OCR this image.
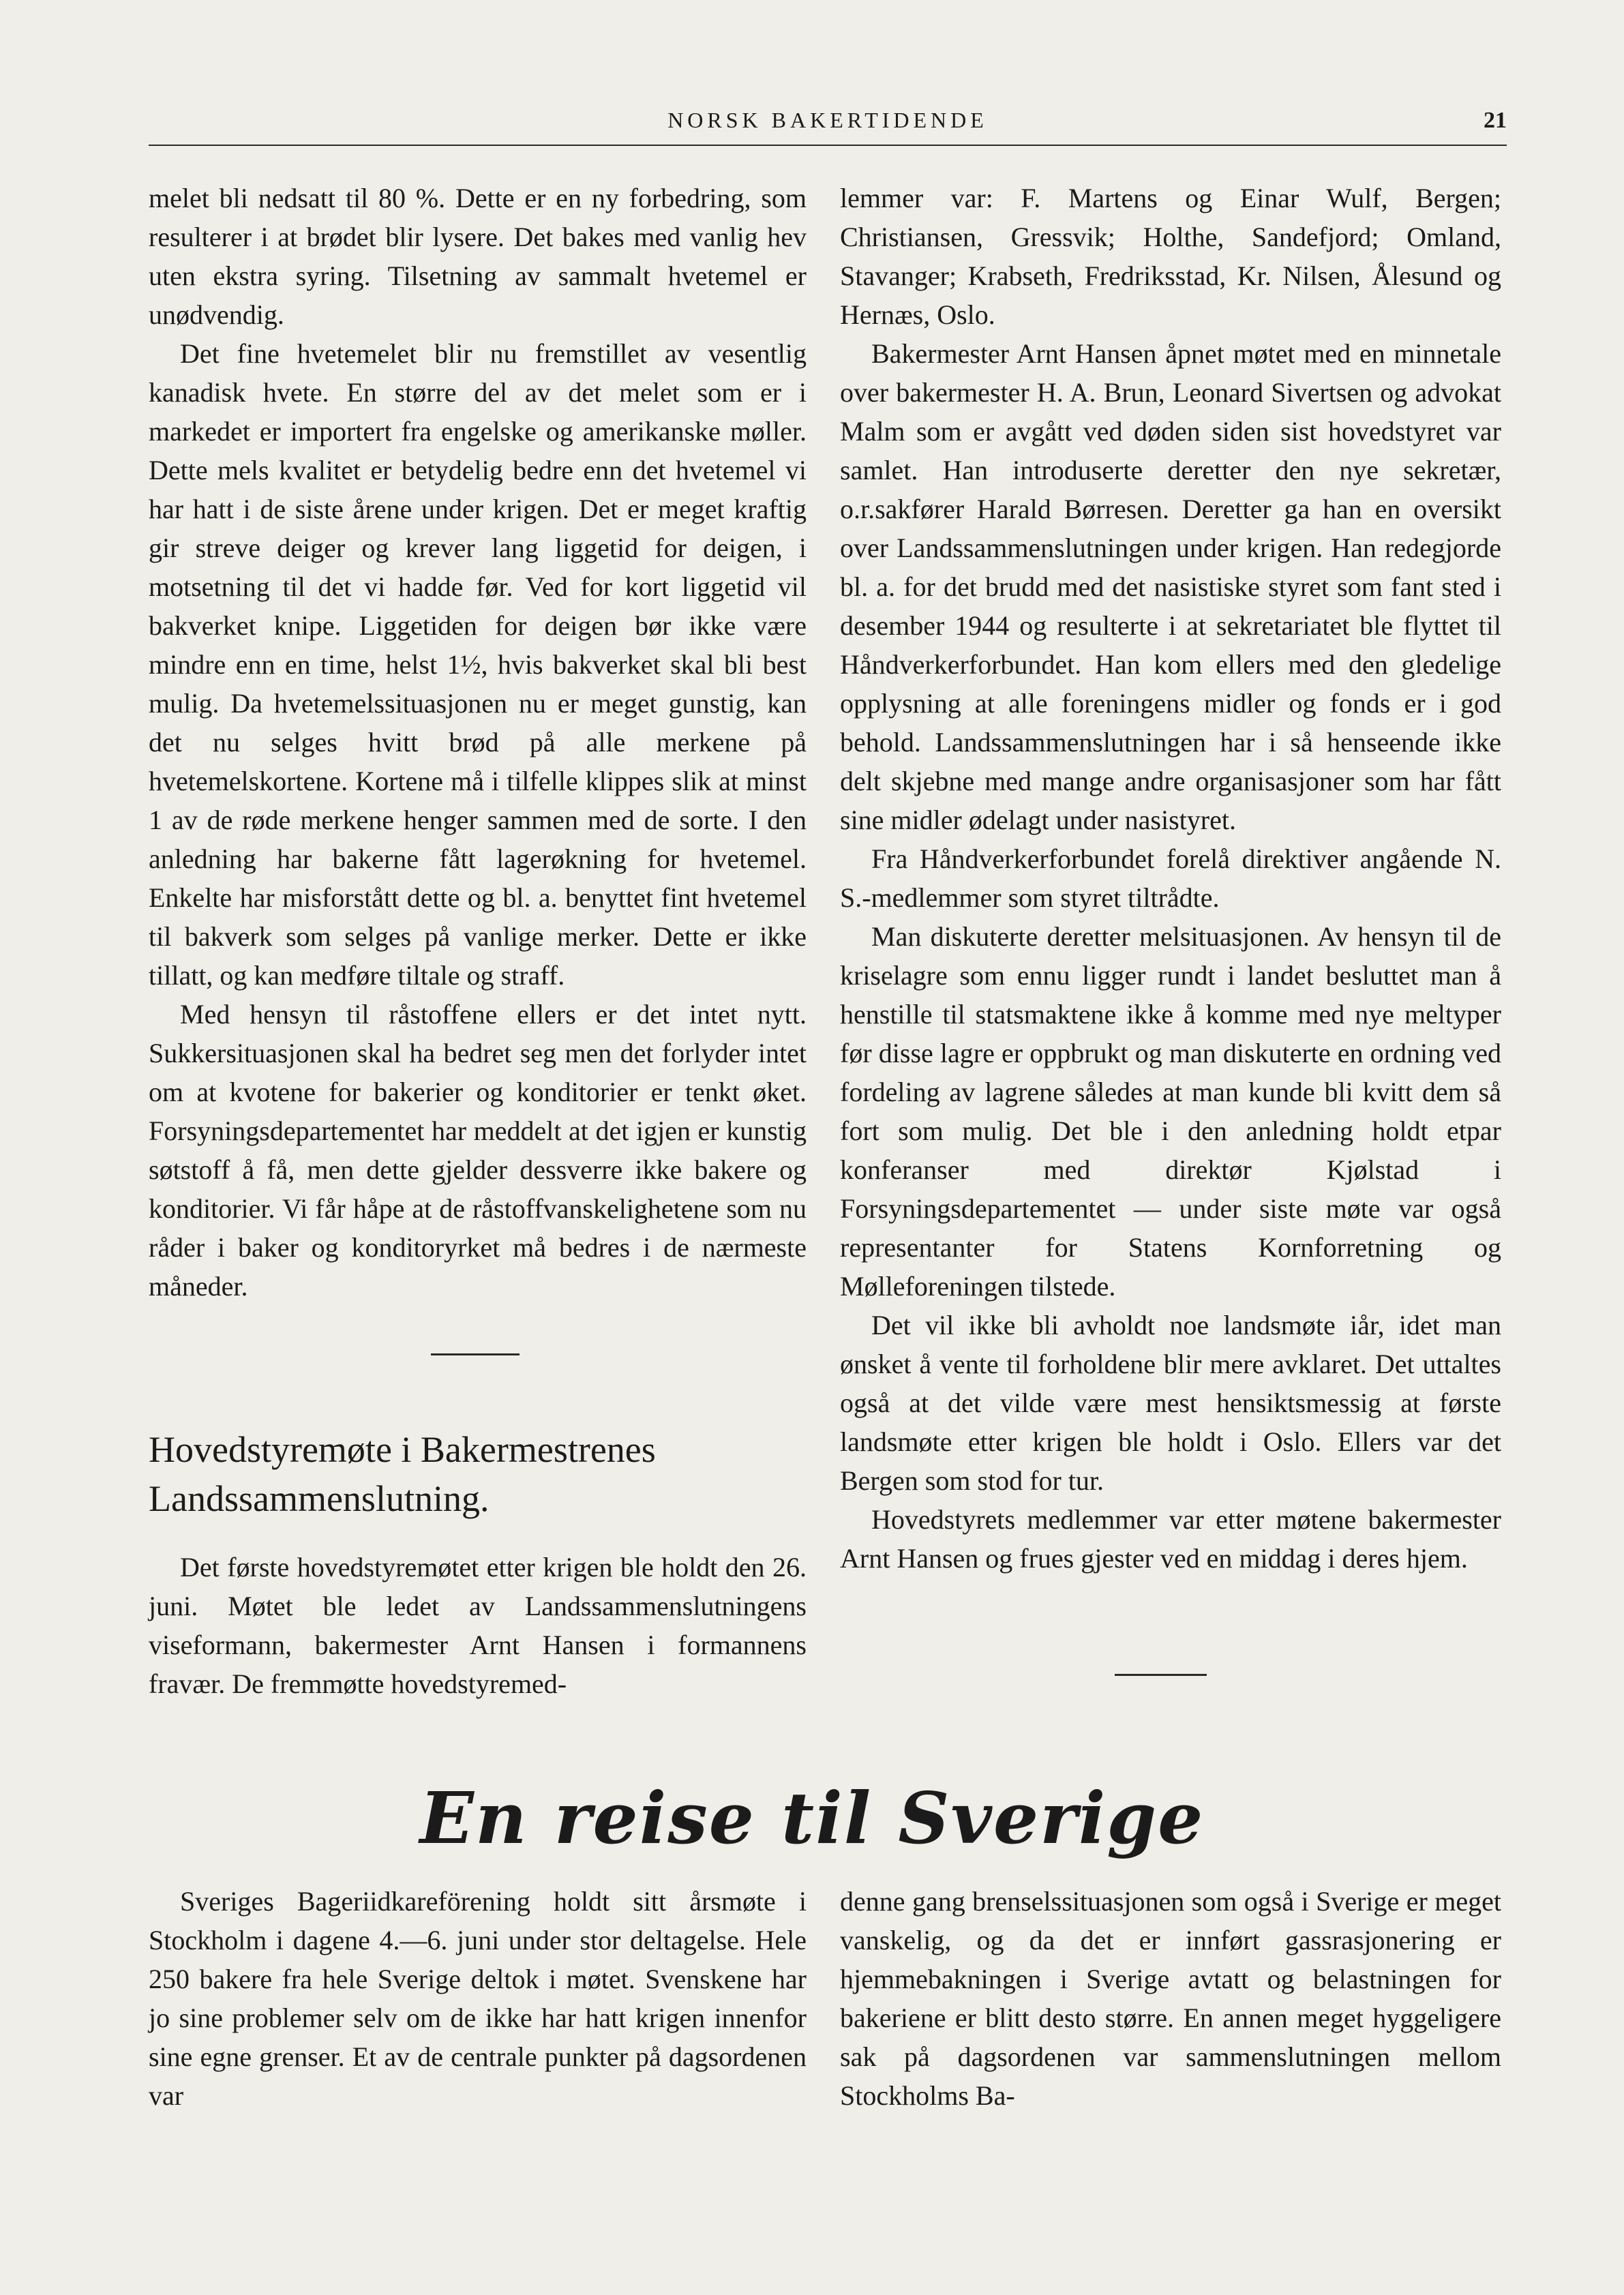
NORSK BAKERTIDENDE	21

melet bli nedsatt til 80 %. Dette er en ny forbedring, som resulterer i at brødet blir lysere. Det bakes med vanlig hev uten ekstra syring. Tilsetning av sammalt hvetemel er unødvendig.

Det fine hvetemelet blir nu fremstillet av vesentlig kanadisk hvete. En større del av det melet som er i markedet er importert fra engelske og amerikanske møller. Dette mels kvalitet er betydelig bedre enn det hvetemel vi har hatt i de siste årene under krigen. Det er meget kraftig gir streve deiger og krever lang liggetid for deigen, i motsetning til det vi hadde før. Ved for kort liggetid vil bakverket knipe. Liggetiden for deigen bør ikke være mindre enn en time, helst 1½, hvis bakverket skal bli best mulig. Da hvetemelssituasjonen nu er meget gunstig, kan det nu selges hvitt brød på alle merkene på hvetemelskortene. Kortene må i tilfelle klippes slik at minst 1 av de røde merkene henger sammen med de sorte. I den anledning har bakerne fått lagerøkning for hvetemel. Enkelte har misforstått dette og bl. a. benyttet fint hvetemel til bakverk som selges på vanlige merker. Dette er ikke tillatt, og kan medføre tiltale og straff.

Med hensyn til råstoffene ellers er det intet nytt. Sukkersituasjonen skal ha bedret seg men det forlyder intet om at kvotene for bakerier og konditorier er tenkt øket. Forsyningsdepartementet har meddelt at det igjen er kunstig søtstoff å få, men dette gjelder dessverre ikke bakere og konditorier. Vi får håpe at de råstoffvanskelighetene som nu råder i baker og konditoryrket må bedres i de nærmeste måneder.

Hovedstyremøte i Bakermestrenes Landssammenslutning.

Det første hovedstyremøtet etter krigen ble holdt den 26. juni. Møtet ble ledet av Landssammenslutningens viseformann, bakermester Arnt Hansen i formannens fravær. De fremmøtte hovedstyremed-

lemmer var: F. Martens og Einar Wulf, Bergen; Christiansen, Gressvik; Holthe, Sandefjord; Omland, Stavanger; Krabseth, Fredriksstad, Kr. Nilsen, Ålesund og Hernæs, Oslo.

Bakermester Arnt Hansen åpnet møtet med en minnetale over bakermester H. A. Brun, Leonard Sivertsen og advokat Malm som er avgått ved døden siden sist hovedstyret var samlet. Han introduserte deretter den nye sekretær, o.r.sakfører Harald Børresen. Deretter ga han en oversikt over Landssammenslutningen under krigen. Han redegjorde bl. a. for det brudd med det nasistiske styret som fant sted i desember 1944 og resulterte i at sekretariatet ble flyttet til Håndverkerforbundet. Han kom ellers med den gledelige opplysning at alle foreningens midler og fonds er i god behold. Landssammenslutningen har i så henseende ikke delt skjebne med mange andre organisasjoner som har fått sine midler ødelagt under nasistyret.

Fra Håndverkerforbundet forelå direktiver angående N. S.-medlemmer som styret tiltrådte.

Man diskuterte deretter melsituasjonen. Av hensyn til de kriselagre som ennu ligger rundt i landet besluttet man å henstille til statsmaktene ikke å komme med nye meltyper før disse lagre er oppbrukt og man diskuterte en ordning ved fordeling av lagrene således at man kunde bli kvitt dem så fort som mulig. Det ble i den anledning holdt etpar konferanser med direktør Kjølstad i Forsyningsdepartementet — under siste møte var også representanter for Statens Kornforretning og Mølleforeningen tilstede.

Det vil ikke bli avholdt noe landsmøte iår, idet man ønsket å vente til forholdene blir mere avklaret. Det uttaltes også at det vilde være mest hensiktsmessig at første landsmøte etter krigen ble holdt i Oslo. Ellers var det Bergen som stod for tur.

Hovedstyrets medlemmer var etter møtene bakermester Arnt Hansen og frues gjester ved en middag i deres hjem.

En reise til Sverige

Sveriges Bageriidkareförening holdt sitt årsmøte i Stockholm i dagene 4.—6. juni under stor deltagelse. Hele 250 bakere fra hele Sverige deltok i møtet. Svenskene har jo sine problemer selv om de ikke har hatt krigen innenfor sine egne grenser. Et av de centrale punkter på dagsordenen var

denne gang brenselssituasjonen som også i Sverige er meget vanskelig, og da det er innført gassrasjonering er hjemmebakningen i Sverige avtatt og belastningen for bakeriene er blitt desto større. En annen meget hyggeligere sak på dagsordenen var sammenslutningen mellom Stockholms Ba-
